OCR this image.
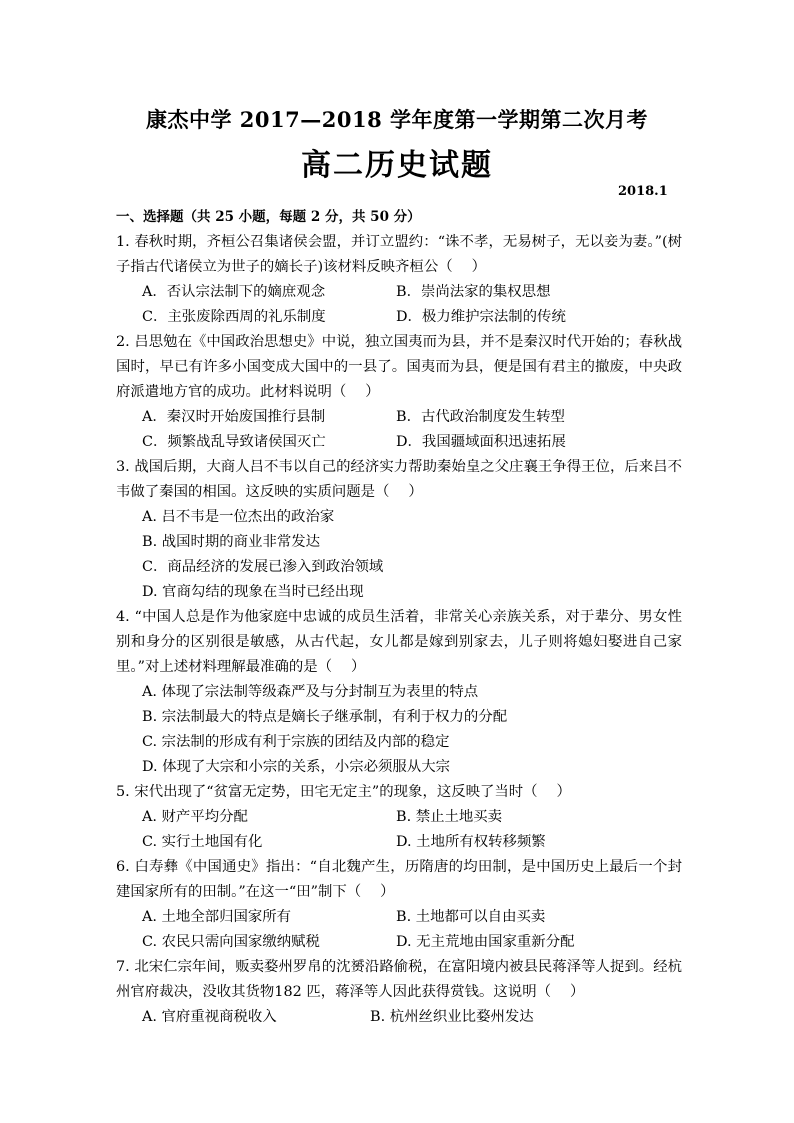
康杰中学 2017—2018 学年度第一学期第二次月考
高二历史试题
2018.1
一、选择题（共 25 小题，每题 2 分，共 50 分）

1. 春秋时期，齐桓公召集诸侯会盟，并订立盟约：“诛不孝，无易树子，无以妾为妻。”(树子指古代诸侯立为世子的嫡长子)该材料反映齐桓公（　 ）

A．否认宗法制下的嫡庶观念	B．崇尚法家的集权思想
C．主张废除西周的礼乐制度	D．极力维护宗法制的传统

2. 吕思勉在《中国政治思想史》中说，独立国夷而为县，并不是秦汉时代开始的；春秋战国时，早已有许多小国变成大国中的一县了。国夷而为县，便是国有君主的撤废，中央政府派遣地方官的成功。此材料说明（　 ）

A．秦汉时开始废国推行县制	B．古代政治制度发生转型
C．频繁战乱导致诸侯国灭亡	D．我国疆域面积迅速拓展

3. 战国后期，大商人吕不韦以自己的经济实力帮助秦始皇之父庄襄王争得王位，后来吕不韦做了秦国的相国。这反映的实质问题是（　 ）

A. 吕不韦是一位杰出的政治家
B. 战国时期的商业非常发达
C．商品经济的发展已渗入到政治领域
D. 官商勾结的现象在当时已经出现

4. “中国人总是作为他家庭中忠诚的成员生活着，非常关心亲族关系，对于辈分、男女性别和身分的区别很是敏感，从古代起，女儿都是嫁到别家去，儿子则将媳妇娶进自己家里。”对上述材料理解最准确的是（　 ）

A. 体现了宗法制等级森严及与分封制互为表里的特点
B. 宗法制最大的特点是嫡长子继承制，有利于权力的分配
C. 宗法制的形成有利于宗族的团结及内部的稳定
D. 体现了大宗和小宗的关系，小宗必须服从大宗

5. 宋代出现了“贫富无定势，田宅无定主”的现象，这反映了当时（　 ）

A. 财产平均分配	B. 禁止土地买卖
C. 实行土地国有化	D. 土地所有权转移频繁

6. 白寿彝《中国通史》指出：“自北魏产生，历隋唐的均田制，是中国历史上最后一个封建国家所有的田制。”在这一“田”制下（　 ）

A. 土地全部归国家所有	B. 土地都可以自由买卖
C. 农民只需向国家缴纳赋税	D. 无主荒地由国家重新分配

7. 北宋仁宗年间，贩卖婺州罗帛的沈赟沿路偷税，在富阳境内被县民蒋泽等人捉到。经杭州官府裁决，没收其货物182 匹，蒋泽等人因此获得赏钱。这说明（　 ）

A. 官府重视商税收入	B. 杭州丝织业比婺州发达
